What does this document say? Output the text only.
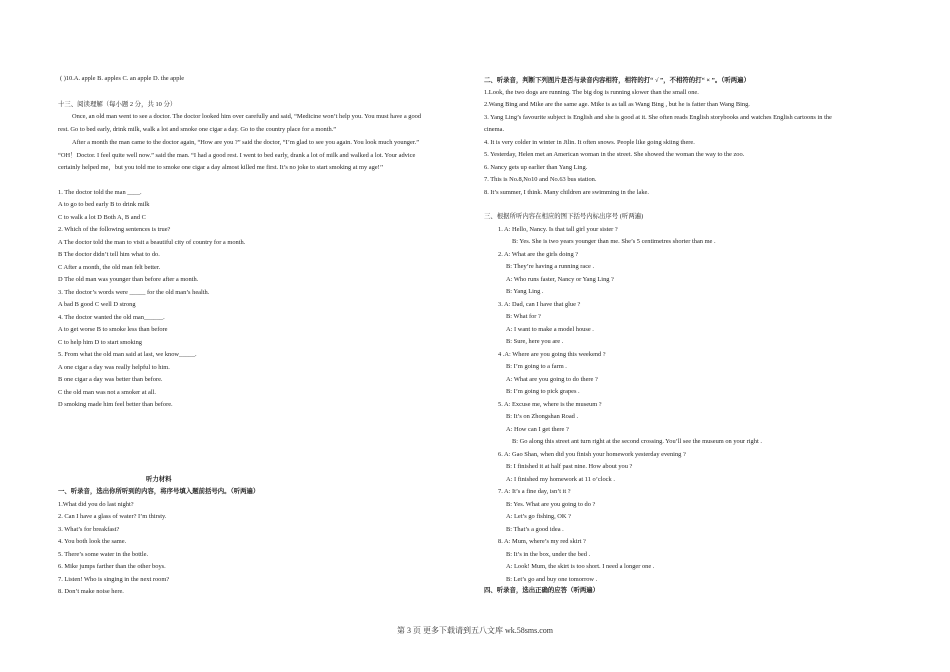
( )10.A. apple B. apples C. an apple D. the apple
十三、阅读理解（每小题 2 分，共 10 分）
Once, an old man went to see a doctor. The doctor looked him over carefully and said, “Medicine won’t help you. You must have a good
rest. Go to bed early, drink milk, walk a lot and smoke one cigar a day. Go to the country place for a month.”
After a month the man came to the doctor again, “How are you ?” said the doctor, “I’m glad to see you again. You look much younger.”
“OH！Doctor. I feel quite well now.” said the man. “I had a good rest. I went to bed early, drank a lot of milk and walked a lot. Your advice
certainly helped me，but you told me to smoke one cigar a day almost killed me first. It’s no joke to start smoking at my age!’’
1. The doctor told the man ____.
A to go to bed early B to drink milk
C to walk a lot D Both A, B and C
2. Which of the following sentences is true?
A The doctor told the man to visit a beautiful city of country for a month.
B The doctor didn’t tell him what to do.
C After a month, the old man felt better.
D The old man was younger than before after a month.
3. The doctor’s words were _____ for the old man’s health.
A bad B good C well D strong
4. The doctor wanted the old man______.
A to get worse B to smoke less than before
C to help him D to start smoking
5. From what the old man said at last, we know_____.
A one cigar a day was really helpful to him.
B one cigar a day was better than before.
C the old man was not a smoker at all.
D smoking made him feel better than before.
听力材料
一、听录音，选出你所听到的内容，将序号填入题前括号内。（听两遍）
1.What did you do last night?
2. Can I have a glass of water? I’m thirsty.
3. What’s for breakfast?
4. You both look the same.
5. There’s some water in the bottle.
6. Mike jumps farther than the other boys.
7. Listen! Who is singing in the next room?
8. Don’t make noise here.
二、听录音，判断下列图片是否与录音内容相符，相符的打“ √ ”，不相符的打“ × ”。（听两遍）
1.Look, the two dogs are running. The big dog is running slower than the small one.
2.Wang Bing and Mike are the same age. Mike is as tall as Wang Bing , but he is fatter than Wang Bing.
3. Yang Ling’s favourite subject is English and she is good at it. She often reads English storybooks and watches English cartoons in the
cinema.
4. It is very colder in winter in Jilin. It often snows. People like going skiing there.
5. Yesterday, Helen met an American woman in the street. She showed the woman the way to the zoo.
6. Nancy gets up earlier than Yang Ling.
7. This is No.8,No10 and No.63 bus station.
8. It’s summer, I think. Many children are swimming in the lake.
三、根据所听内容在相应的图下括号内标出序号 (听两遍)
1. A: Hello, Nancy. Is that tall girl your sister ?
B: Yes. She is two years younger than me. She’s 5 centimetres shorter than me .
2. A: What are the girls doing ?
B: They’re having a running race .
A: Who runs faster, Nancy or Yang Ling ?
B: Yang Ling .
3. A: Dad, can I have that glue ?
B: What for ?
A: I want to make a model house .
B: Sure, here you are .
4 .A: Where are you going this weekend ?
B: I’m going to a farm .
A: What are you going to do there ?
B: I’m going to pick grapes .
5. A: Excuse me, where is the museum ?
B: It’s on Zhongshan Road .
A: How can I get there ?
B: Go along this street ant turn right at the second crossing. You’ll see the museum on your right .
6. A: Gao Shan, when did you finish your homework yesterday evening ?
B: I finished it at half past nine. How about you ?
A: I finished my homework at 11 o’clock .
7. A: It’s a fine day, isn’t it ?
B: Yes. What are you going to do ?
A: Let’s go fishing, OK ?
B: That’s a good idea .
8. A: Mum, where’s my red skirt ?
B: It’s in the box, under the bed .
A: Look! Mum, the skirt is too short. I need a longer one .
B: Let’s go and buy one tomorrow .
四、听录音，选出正确的应答（听两遍）
第 3 页 更多下载请到五八文库 wk.58sms.com
